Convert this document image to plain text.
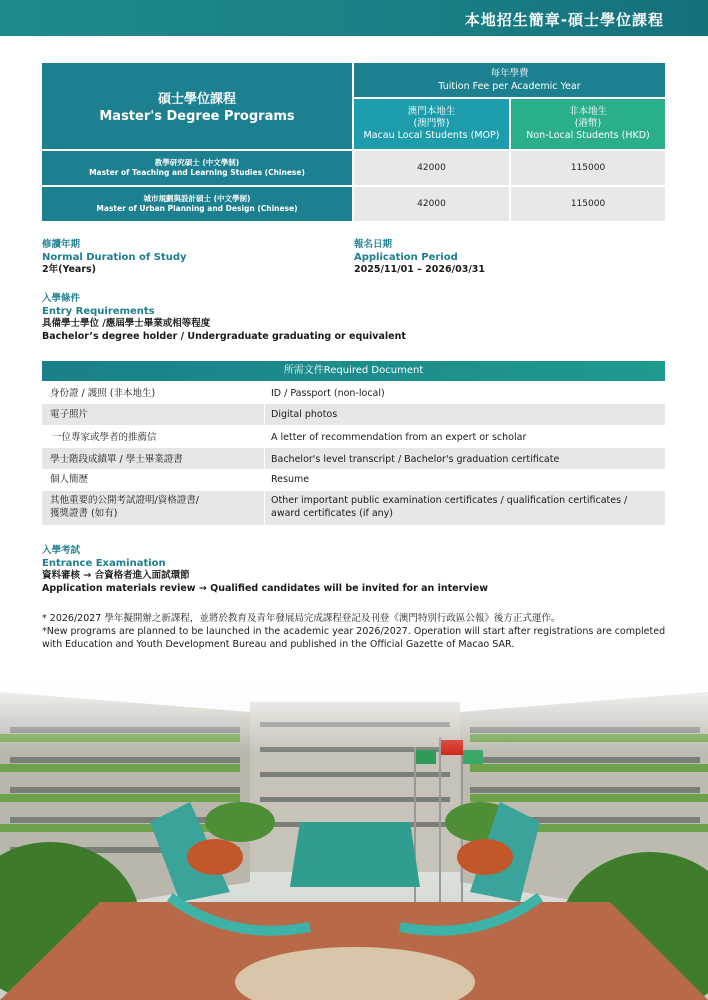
本地招生簡章-碩士學位課程
碩士學位課程
Master's Degree Programs
每年學費
Tuition Fee per Academic Year
澳門本地生
(澳門幣)
Macau Local Students (MOP)
非本地生
(港幣)
Non-Local Students (HKD)
教學研究碩士 (中文學制)
Master of Teaching and Learning Studies (Chinese)	42000	115000
城市規劃與設計碩士 (中文學制)
Master of Urban Planning and Design (Chinese)	42000	115000
修讀年期
Normal Duration of Study
2年(Years)
報名日期
Application Period
2025/11/01 – 2026/03/31
入學條件
Entry Requirements
具備學士學位 /應屆學士畢業或相等程度
Bachelor’s degree holder / Undergraduate graduating or equivalent
所需文件Required Document
身份證 / 護照 (非本地生)	ID / Passport (non-local)
電子照片	Digital photos
一位專家或學者的推薦信	A letter of recommendation from an expert or scholar
學士階段成績單 / 學士畢業證書	Bachelor's level transcript / Bachelor's graduation certificate
個人簡歷	Resume
其他重要的公開考試證明/資格證書/
獲獎證書 (如有)
Other important public examination certificates / qualification certificates /
award certificates (if any)
入學考試
Entrance Examination
資料審核 → 合資格者進入面試環節
Application materials review → Qualified candidates will be invited for an interview
* 2026/2027 學年擬開辦之新課程，並將於教育及青年發展局完成課程登記及刊登《澳門特別行政區公報》後方正式運作。
*New programs are planned to be launched in the academic year 2026/2027. Operation will start after registrations are completed
with Education and Youth Development Bureau and published in the Official Gazette of Macao SAR.
